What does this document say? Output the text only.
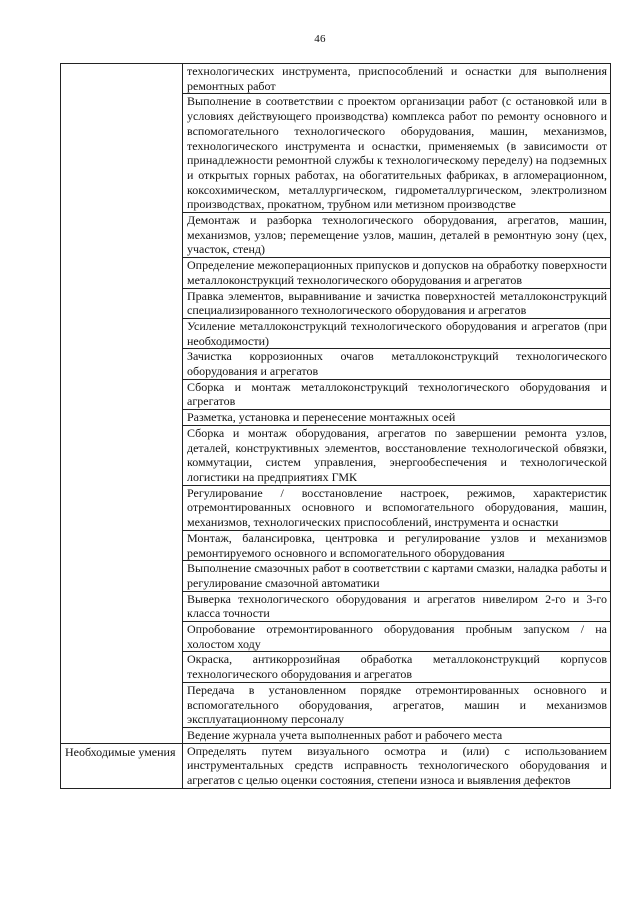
46
	технологических инструмента, приспособлений и оснастки для выполнения ремонтных работ
	Выполнение в соответствии с проектом организации работ (с остановкой или в условиях действующего производства) комплекса работ по ремонту основного и вспомогательного технологического оборудования, машин, механизмов, технологического инструмента и оснастки, применяемых (в зависимости от принадлежности ремонтной службы к технологическому переделу) на подземных и открытых горных работах, на обогатительных фабриках, в агломерационном, коксохимическом, металлургическом, гидрометаллургическом, электролизном производствах, прокатном, трубном или метизном производстве
	Демонтаж и разборка технологического оборудования, агрегатов, машин, механизмов, узлов; перемещение узлов, машин, деталей в ремонтную зону (цех, участок, стенд)
	Определение межоперационных припусков и допусков на обработку поверхности металлоконструкций технологического оборудования и агрегатов
	Правка элементов, выравнивание и зачистка поверхностей металлоконструкций специализированного технологического оборудования и агрегатов
	Усиление металлоконструкций технологического оборудования и агрегатов (при необходимости)
	Зачистка коррозионных очагов металлоконструкций технологического оборудования и агрегатов
	Сборка и монтаж металлоконструкций технологического оборудования и агрегатов
	Разметка, установка и перенесение монтажных осей
	Сборка и монтаж оборудования, агрегатов по завершении ремонта узлов, деталей, конструктивных элементов, восстановление технологической обвязки, коммутации, систем управления, энергообеспечения и технологической логистики на предприятиях ГМК
	Регулирование / восстановление настроек, режимов, характеристик отремонтированных основного и вспомогательного оборудования, машин, механизмов, технологических приспособлений, инструмента и оснастки
	Монтаж, балансировка, центровка и регулирование узлов и механизмов ремонтируемого основного и вспомогательного оборудования
	Выполнение смазочных работ в соответствии с картами смазки, наладка работы и регулирование смазочной автоматики
	Выверка технологического оборудования и агрегатов нивелиром 2-го и 3-го класса точности
	Опробование отремонтированного оборудования пробным запуском / на холостом ходу
	Окраска, антикоррозийная обработка металлоконструкций корпусов технологического оборудования и агрегатов
	Передача в установленном порядке отремонтированных основного и вспомогательного оборудования, агрегатов, машин и механизмов эксплуатационному персоналу
	Ведение журнала учета выполненных работ и рабочего места
Необходимые умения	Определять путем визуального осмотра и (или) с использованием инструментальных средств исправность технологического оборудования и агрегатов с целью оценки состояния, степени износа и выявления дефектов
